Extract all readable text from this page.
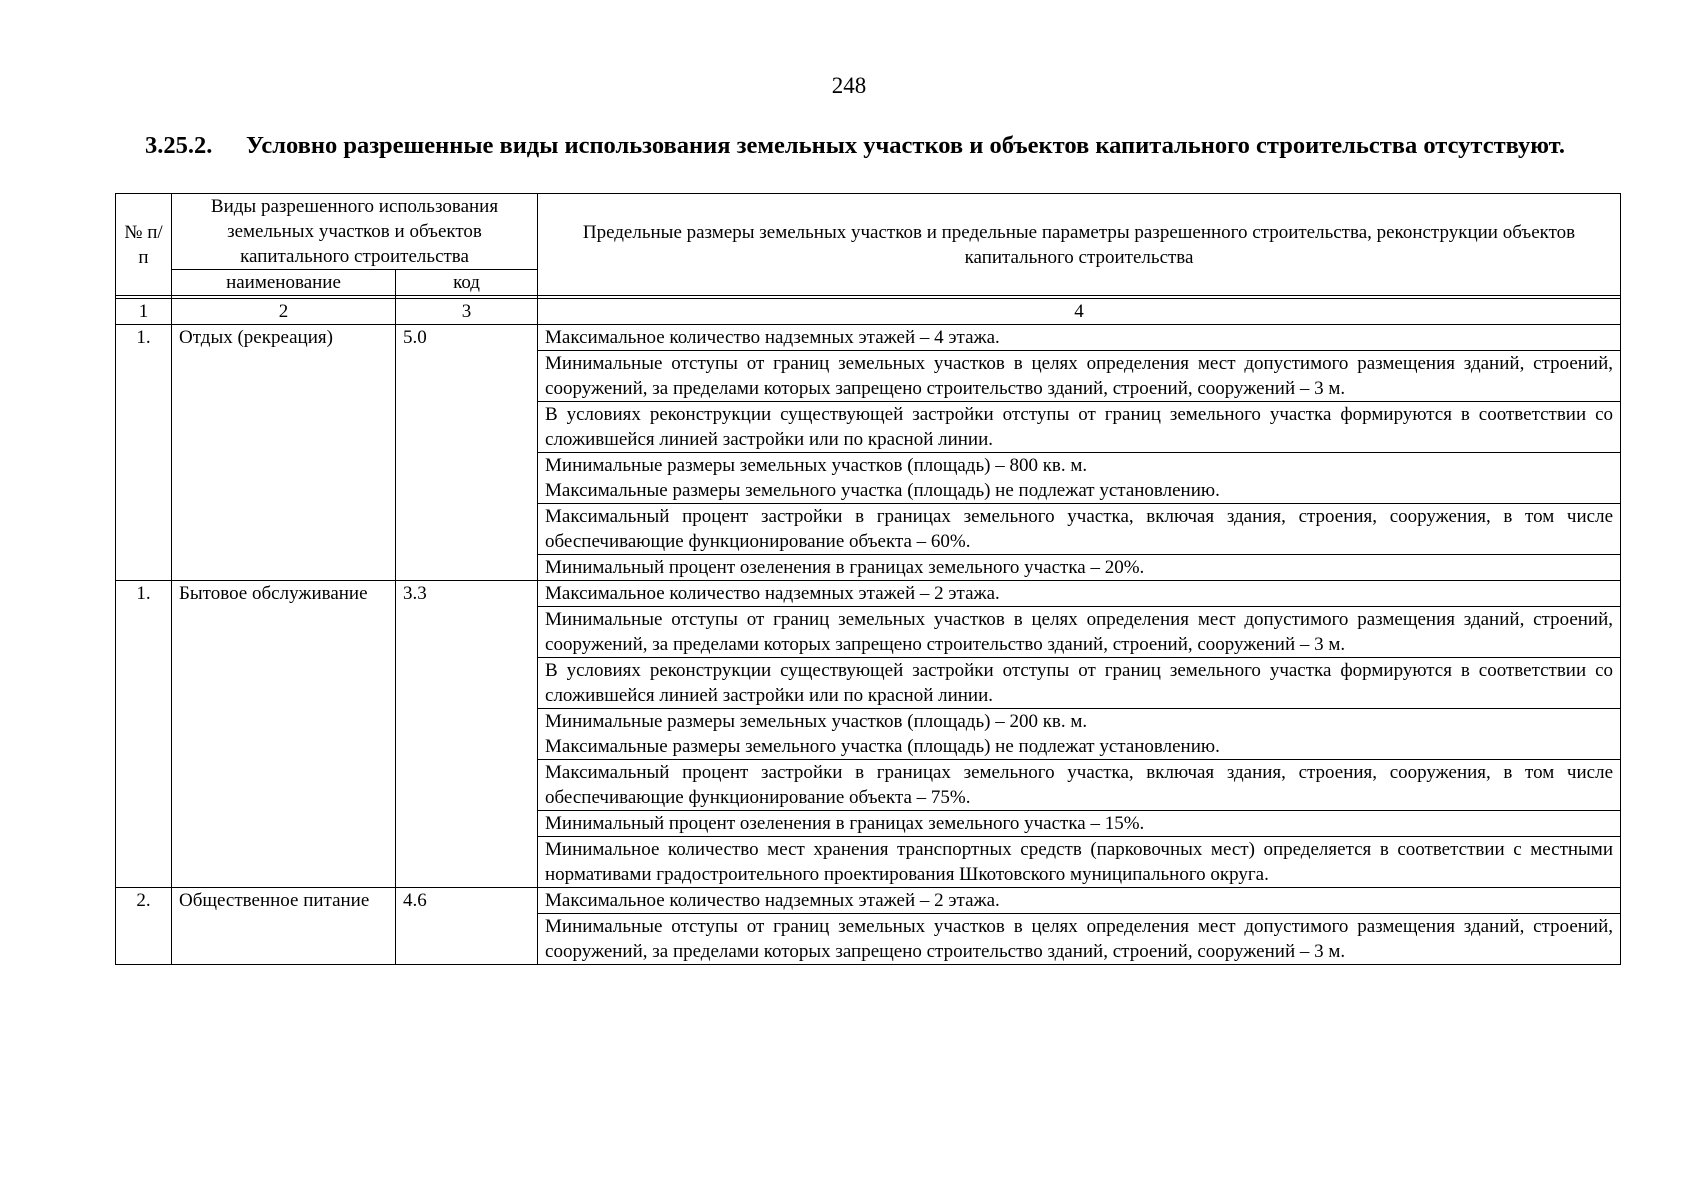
248
3.25.2. Условно разрешенные виды использования земельных участков и объектов капитального строительства отсутствуют.
№ п/п	Виды разрешенного использования земельных участков и объектов капитального строительства		Предельные размеры земельных участков и предельные параметры разрешенного строительства, реконструкции объектов капитального строительства
	наименование	код	

1	2	3	4
1.	Отдых (рекреация)	5.0	Максимальное количество надземных этажей – 4 этажа.

			Минимальные отступы от границ земельных участков в целях определения мест допустимого размещения зданий, строений, сооружений, за пределами которых запрещено строительство зданий, строений, сооружений – 3 м.

			В условиях реконструкции существующей застройки отступы от границ земельного участка формируются в соответствии со сложившейся линией застройки или по красной линии.

			Минимальные размеры земельных участков (площадь) – 800 кв. м.
Максимальные размеры земельного участка (площадь) не подлежат установлению.

			Максимальный процент застройки в границах земельного участка, включая здания, строения, сооружения, в том числе обеспечивающие функционирование объекта – 60%.

			Минимальный процент озеленения в границах земельного участка – 20%.

1.	Бытовое обслуживание	3.3	Максимальное количество надземных этажей – 2 этажа.

			Минимальные отступы от границ земельных участков в целях определения мест допустимого размещения зданий, строений, сооружений, за пределами которых запрещено строительство зданий, строений, сооружений – 3 м.

			В условиях реконструкции существующей застройки отступы от границ земельного участка формируются в соответствии со сложившейся линией застройки или по красной линии.

			Минимальные размеры земельных участков (площадь) – 200 кв. м.
Максимальные размеры земельного участка (площадь) не подлежат установлению.

			Максимальный процент застройки в границах земельного участка, включая здания, строения, сооружения, в том числе обеспечивающие функционирование объекта – 75%.

			Минимальный процент озеленения в границах земельного участка – 15%.

			Минимальное количество мест хранения транспортных средств (парковочных мест) определяется в соответствии с местными нормативами градостроительного проектирования Шкотовского муниципального округа.

2.	Общественное питание	4.6	Максимальное количество надземных этажей – 2 этажа.

			Минимальные отступы от границ земельных участков в целях определения мест допустимого размещения зданий, строений, сооружений, за пределами которых запрещено строительство зданий, строений, сооружений – 3 м.
